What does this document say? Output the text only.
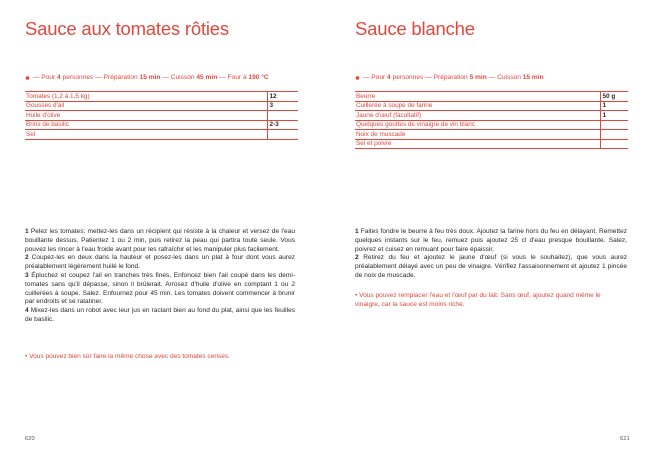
Sauce aux tomates rôties
— Pour 4 personnes — Préparation 15 min — Cuisson 45 min — Four à 190 °C
Tomates (1,2 à 1,5 kg)	12
Gousses d'ail	3
Huile d'olive	
Brins de basilic	2-3
Sel	

1 Pelez les tomates: mettez-les dans un récipient qui résiste à la chaleur et versez de l'eau bouillante dessus. Patientez 1 ou 2 min, puis retirez la peau qui partira toute seule. Vous pouvez les rincer à l'eau froide avant pour les rafraîchir et les manipuler plus facilement.

2 Coupez-les en deux dans la hauteur et posez-les dans un plat à four dont vous aurez préalablement légèrement huilé le fond.

3 Épluchez et coupez l'ail en tranches très fines. Enfoncez bien l'ail coupé dans les demi-tomates sans qu'il dépasse, sinon il brûlerait. Arrosez d'huile d'olive en comptant 1 ou 2 cuillerées à soupe. Salez. Enfournez pour 45 min. Les tomates doivent commencer à brunir par endroits et se ratatiner.

4 Mixez-les dans un robot avec leur jus en raclant bien au fond du plat, ainsi que les feuilles de basilic.

• Vous pouvez bien sûr faire la même chose avec des tomates cerises.
620
Sauce blanche
— Pour 4 personnes — Préparation 5 min — Cuisson 15 min
Beurre	50 g
Cuillerée à soupe de farine	1
Jaune d'œuf (facultatif)	1
Quelques gouttes de vinaigre de vin blanc	
Noix de muscade	
Sel et poivre	

1 Faites fondre le beurre à feu très doux. Ajoutez la farine hors du feu en délayant. Remettez quelques instants sur le feu, remuez puis ajoutez 25 cl d'eau presque bouillante. Salez, poivrez et cuisez en remuant pour faire épaissir.

2 Retirez du feu et ajoutez le jaune d'œuf (si vous le souhaitez), que vous aurez préalablement délayé avec un peu de vinaigre. Vérifiez l'assaisonnement et ajoutez 1 pincée de noix de muscade.

• Vous pouvez remplacer l'eau et l'œuf par du lait. Sans œuf, ajoutez quand même le vinaigre, car la sauce est moins riche.
621
